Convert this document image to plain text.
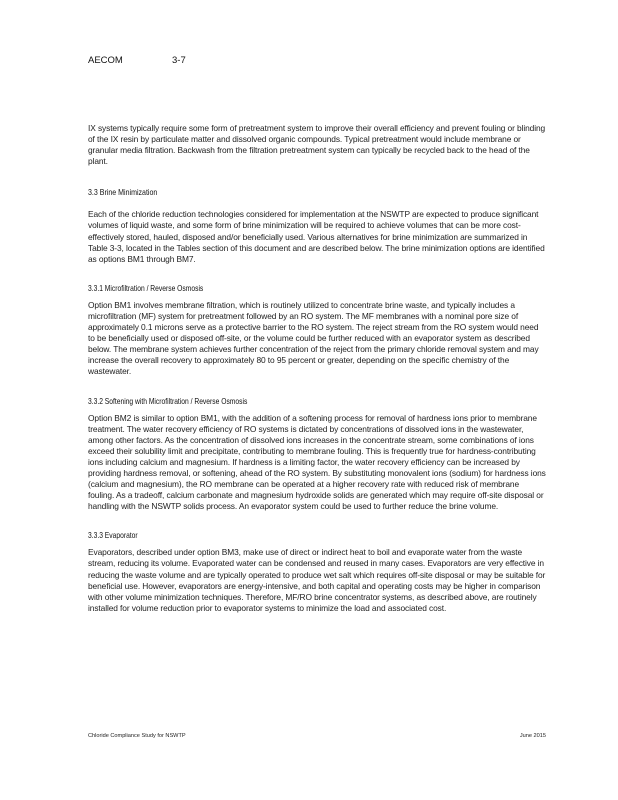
AECOM	3-7

IX systems typically require some form of pretreatment system to improve their overall efficiency and prevent fouling or blinding of the IX resin by particulate matter and dissolved organic compounds. Typical pretreatment would include membrane or granular media filtration. Backwash from the filtration pretreatment system can typically be recycled back to the head of the plant.

3.3 Brine Minimization

Each of the chloride reduction technologies considered for implementation at the NSWTP are expected to produce significant volumes of liquid waste, and some form of brine minimization will be required to achieve volumes that can be more cost-effectively stored, hauled, disposed and/or beneficially used. Various alternatives for brine minimization are summarized in Table 3-3, located in the Tables section of this document and are described below. The brine minimization options are identified as options BM1 through BM7.

3.3.1 Microfiltration / Reverse Osmosis

Option BM1 involves membrane filtration, which is routinely utilized to concentrate brine waste, and typically includes a microfiltration (MF) system for pretreatment followed by an RO system. The MF membranes with a nominal pore size of approximately 0.1 microns serve as a protective barrier to the RO system. The reject stream from the RO system would need to be beneficially used or disposed off-site, or the volume could be further reduced with an evaporator system as described below. The membrane system achieves further concentration of the reject from the primary chloride removal system and may increase the overall recovery to approximately 80 to 95 percent or greater, depending on the specific chemistry of the wastewater.

3.3.2 Softening with Microfiltration / Reverse Osmosis

Option BM2 is similar to option BM1, with the addition of a softening process for removal of hardness ions prior to membrane treatment. The water recovery efficiency of RO systems is dictated by concentrations of dissolved ions in the wastewater, among other factors. As the concentration of dissolved ions increases in the concentrate stream, some combinations of ions exceed their solubility limit and precipitate, contributing to membrane fouling. This is frequently true for hardness-contributing ions including calcium and magnesium. If hardness is a limiting factor, the water recovery efficiency can be increased by providing hardness removal, or softening, ahead of the RO system. By substituting monovalent ions (sodium) for hardness ions (calcium and magnesium), the RO membrane can be operated at a higher recovery rate with reduced risk of membrane fouling. As a tradeoff, calcium carbonate and magnesium hydroxide solids are generated which may require off-site disposal or handling with the NSWTP solids process. An evaporator system could be used to further reduce the brine volume.

3.3.3 Evaporator

Evaporators, described under option BM3, make use of direct or indirect heat to boil and evaporate water from the waste stream, reducing its volume. Evaporated water can be condensed and reused in many cases. Evaporators are very effective in reducing the waste volume and are typically operated to produce wet salt which requires off-site disposal or may be suitable for beneficial use. However, evaporators are energy-intensive, and both capital and operating costs may be higher in comparison with other volume minimization techniques. Therefore, MF/RO brine concentrator systems, as described above, are routinely installed for volume reduction prior to evaporator systems to minimize the load and associated cost.

Chloride Compliance Study for NSWTP	June 2015
